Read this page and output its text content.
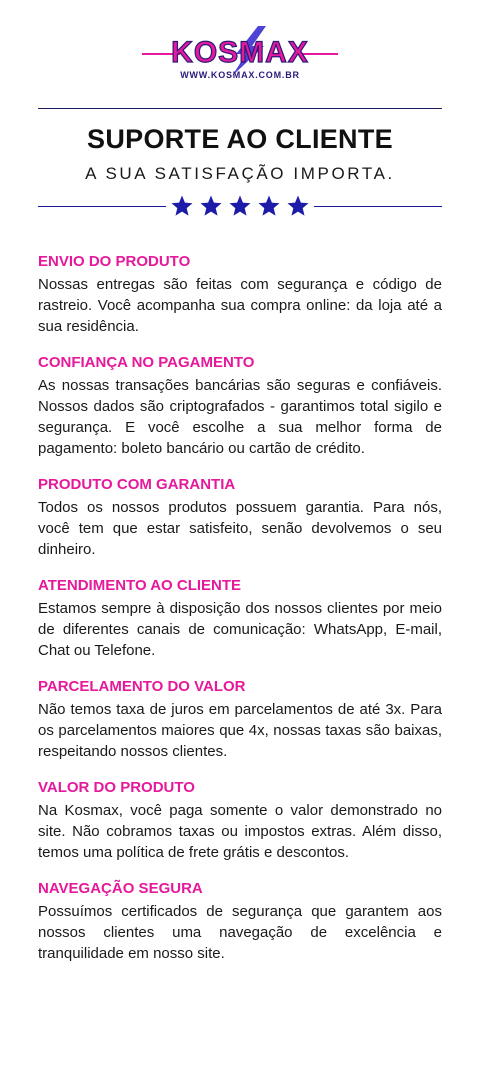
KOSMAX
WWW.KOSMAX.COM.BR
SUPORTE AO CLIENTE
A SUA SATISFAÇÃO IMPORTA.
ENVIO DO PRODUTO
Nossas entregas são feitas com segurança e código de rastreio. Você acompanha sua compra online: da loja até a sua residência.
CONFIANÇA NO PAGAMENTO
As nossas transações bancárias são seguras e confiáveis. Nossos dados são criptografados - garantimos total sigilo e segurança. E você escolhe a sua melhor forma de pagamento: boleto bancário ou cartão de crédito.
PRODUTO COM GARANTIA
Todos os nossos produtos possuem garantia. Para nós, você tem que estar satisfeito, senão devolvemos o seu dinheiro.
ATENDIMENTO AO CLIENTE
Estamos sempre à disposição dos nossos clientes por meio de diferentes canais de comunicação: WhatsApp, E-mail, Chat ou Telefone.
PARCELAMENTO DO VALOR
Não temos taxa de juros em parcelamentos de até 3x. Para os parcelamentos maiores que 4x, nossas taxas são baixas, respeitando nossos clientes.
VALOR DO PRODUTO
Na Kosmax, você paga somente o valor demonstrado no site. Não cobramos taxas ou impostos extras. Além disso, temos uma política de frete grátis e descontos.
NAVEGAÇÃO SEGURA
Possuímos certificados de segurança que garantem aos nossos clientes uma navegação de excelência e tranquilidade em nosso site.
